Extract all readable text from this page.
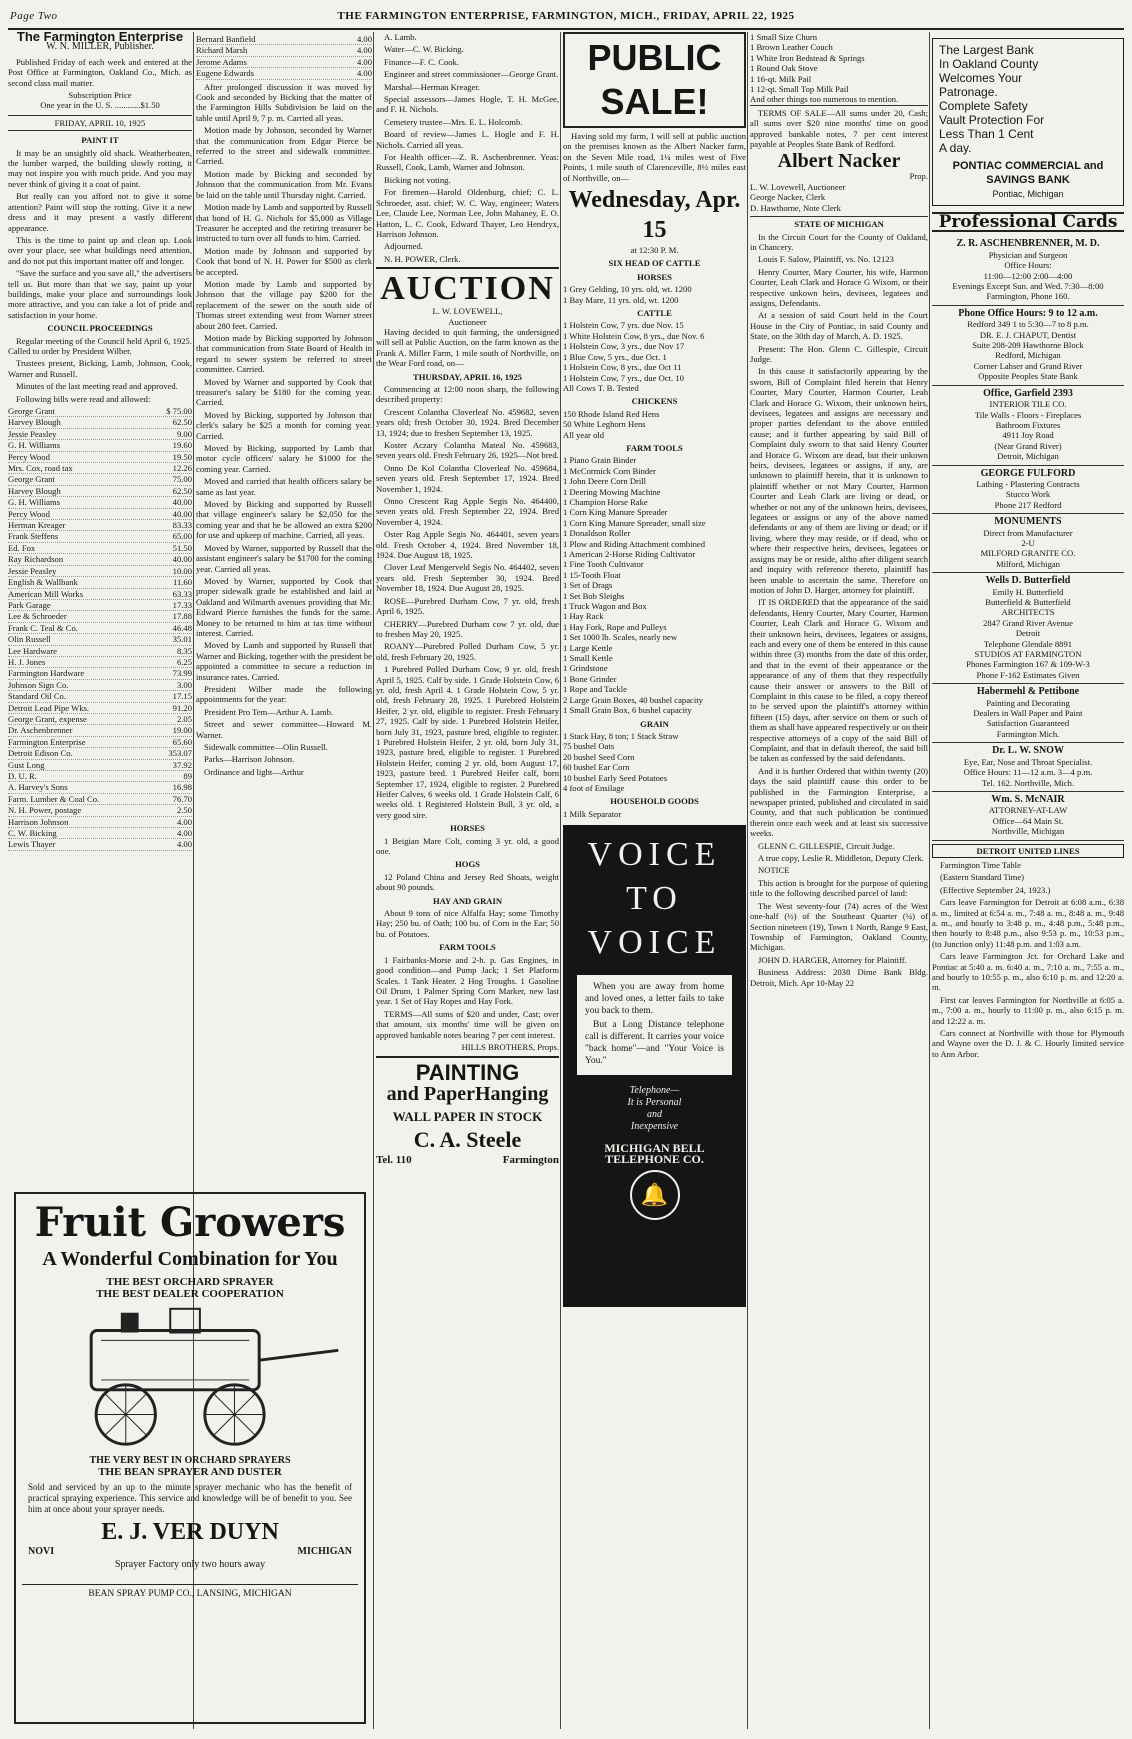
Page Two	THE FARMINGTON ENTERPRISE, FARMINGTON, MICH., FRIDAY, APRIL 22, 1925
The Farmington Enterprise
W. N. MILLER, Publisher.

Published Friday of each week and entered at the Post Office at Farmington, Oakland Co., Mich. as second class mail matter.

Subscription Price
One year in the U. S. ............$1.50
FRIDAY, APRIL 10, 1925
PAINT IT

It may be an unsightly old shack. Weatherbeaten, the lumber warped, the building slowly rotting, it may not inspire you with much pride. And you may never think of giving it a coat of paint.

But really can you afford not to give it some attention? Paint will stop the rotting. Give it a new dress and it may present a vastly different appearance.

This is the time to paint up and clean up. Look over your place, see what buildings need attention, and do not put this important matter off and longer.

"Save the surface and you save all," the advertisers tell us. But more than that we say, paint up your buildings, make your place and surroundings look more attractive, and you can take a lot of pride and satisfaction in your home.

COUNCIL PROCEEDINGS

Regular meeting of the Council held April 6, 1925. Called to order by President Wilber.

Trustees present, Bicking, Lamb, Johnson, Cook, Warner and Russell.

Minutes of the last meeting read and approved.

Following bills were read and allowed:

George Grant	$ 75.00
Harvey Blough	62.50
Jessie Peasley	9.00
G. H. Williams	19.60
Percy Wood	19.50
Mrs. Cox, road tax	12.26
George Grant	75.00
Harvey Blough	62.50
G. H. Williams	40.00
Percy Wood	40.00
Herman Kreager	83.33
Frank Steffens	65.00
Ed. Fox	51.50
Ray Richardson	40.00
Jessie Peasley	10.00
English & Wallbank	11.60
American Mill Works	63.33
Park Garage	17.33
Lee & Schroeder	17.88
Frank C. Teal & Co.	46.48
Olin Russell	35.01
Lee Hardware	8.35
H. J. Jones	6.25
Farmington Hardware	73.99
Johnson Sign Co.	3.00
Standard Oil Co.	17.15
Detroit Lead Pipe Wks.	91.20
George Grant, expense	2.05
Dr. Aschenbrenner	19.00
Farmington Enterprise	65.60
Detroit Edison Co.	353.07
Gust Long	37.92
D. U. R.	89
A. Harvey's Sons	16.98
Farm. Lumber & Coal Co.	76.70
N. H. Power, postage	2.50
Harrison Johnson	4.00
C. W. Bicking	4.00
Lewis Thayer	4.00
Bernard Banfield	4.00
Richard Marsh	4.00
Jerome Adams	4.00
Eugene Edwards	4.00

After prolonged discussion it was moved by Cook and seconded by Bicking that the matter of the Farmington Hills Subdivision be laid on the table until April 9, 7 p. m. Carried all yeas.

Motion made by Johnson, seconded by Warner that the communication from Edgar Pierce be referred to the street and sidewalk committee. Carried.

Motion made by Bicking and seconded by Johnson that the communication from Mr. Evans be laid on the table until Thursday night. Carried.

Motion made by Lamb and supported by Russell that bond of H. G. Nichols for $5,000 as Village Treasurer be accepted and the retiring treasurer be instructed to turn over all funds to him. Carried.

Motion made by Johnson and supported by Cook that bond of N. H. Power for $500 as clerk be accepted.

Motion made by Lamb and supported by Johnson that the village pay $200 for the replacement of the sewer on the south side of Thomas street extending west from Warner street about 280 feet. Carried.

Motion made by Bicking supported by Johnson that communication from State Board of Health in regard to sewer system be referred to street committee. Carried.

Moved by Warner and supported by Cook that treasurer's salary be $180 for the coming year. Carried.

Moved by Bicking, supported by Johnson that clerk's salary be $25 a month for coming year. Carried.

Moved by Bicking, supported by Lamb that motor cycle officers' salary be $1000 for the coming year. Carried.

Moved and carried that health officers salary be same as last year.

Moved by Bicking and supported by Russell that village engineer's salary be $2,050 for the coming year and that he be allowed an extra $200 for use and upkeep of machine. Carried, all yeas.

Moved by Warner, supported by Russell that the assistant engineer's salary be $1700 for the coming year. Carried all yeas.

Moved by Warner, supported by Cook that proper sidewalk grade be established and laid at Oakland and Wilmarth avenues providing that Mr. Edward Pierce furnishes the funds for the same. Money to be returned to him at tax time without interest. Carried.

Moved by Lamb and supported by Russell that Warner and Bicking, together with the president be appointed a committee to secure a reduction in insurance rates. Carried.

President Wilber made the following appointments for the year:

President Pro Tem—Arthur A. Lamb.

Street and sewer committee—Howard M. Warner.

Sidewalk committee—Olin Russell.

Parks—Harrison Johnson.

Ordinance and light—Arthur

Fruit Growers
A Wonderful Combination for You
THE BEST ORCHARD SPRAYER
THE BEST DEALER COOPERATION
THE VERY BEST IN ORCHARD SPRAYERS
THE BEAN SPRAYER AND DUSTER
Sold and serviced by an up to the minute sprayer mechanic who has the benefit of practical spraying experience. This service and knowledge will be of benefit to you. See him at once about your sprayer needs.
E. J. VER DUYN
NOVI	MICHIGAN
Sprayer Factory only two hours away
BEAN SPRAY PUMP CO., LANSING, MICHIGAN

A. Lamb.

Water—C. W. Bicking.

Finance—F. C. Cook.

Engineer and street commissioner—George Grant.

Marshal—Herman Kreager.

Special assessors—James Hogle, T. H. McGee, and F. H. Nichols.

Cemetery trustee—Mrs. E. L. Holcomb.

Board of review—James L. Hogle and F. H. Nichols. Carried all yeas.

For Health officer—Z. R. Aschenbrenner. Yeas: Russell, Cook, Lamb, Warner and Johnson.

Bicking not voting.

For firemen—Harold Oldenburg, chief; C. L. Schroeder, asst. chief; W. C. Way, engineer; Waters Lee, Claude Lee, Norman Lee, John Mahaney, E. O. Hatton, L. C. Cook, Edward Thayer, Leo Hendryx, Harrison Johnson.

Adjourned.

N. H. POWER, Clerk.

AUCTION
L. W. LOVEWELL,
Auctioneer

Having decided to quit farming, the undersigned will sell at Public Auction, on the farm known as the Frank A. Miller Farm, 1 mile south of Northville, on the Wear Ford road, on—

THURSDAY, APRIL 16, 1925

Commencing at 12:00 noon sharp, the following described property:

Crescent Colantha Cloverleaf No. 459682, seven years old; fresh October 30, 1924. Bred December 13, 1924; due to freshen September 13, 1925.

Koster Aczary Colantha Mateal No. 459683, seven years old. Fresh February 26, 1925—Not bred.

Onno De Kol Colantha Cloverleaf No. 459684, seven years old. Fresh September 17, 1924. Bred November 1, 1924.

Onno Crescent Rag Apple Segis No. 464400, seven years old. Fresh September 22, 1924. Bred November 4, 1924.

Oster Rag Apple Segis No. 464401, seven years old. Fresh October 4, 1924. Bred November 18, 1924. Due August 18, 1925.

Clover Leaf Mengerveld Segis No. 464402, seven years old. Fresh September 30, 1924. Bred November 18, 1924. Due August 28, 1925.

ROSE—Purebred Durham Cow, 7 yr. old, fresh April 6, 1925.

CHERRY—Purebred Durham cow 7 yr. old, due to freshen May 20, 1925.

ROANY—Purebred Polled Durham Cow, 5 yr. old, fresh February 20, 1925.

1 Purebred Polled Durham Cow, 9 yr. old, fresh April 5, 1925. Calf by side. 1 Grade Holstein Cow, 6 yr. old, fresh April 4. 1 Grade Holstein Cow, 5 yr. old, fresh February 28, 1925. 1 Purebred Holstein Heifer, 2 yr. old, eligible to register. Fresh February 27, 1925. Calf by side. 1 Purebred Holstein Heifer, born July 31, 1923, pasture bred, eligible to register. 1 Purebred Holstein Heifer, 2 yr. old, born July 31, 1923, pasture bred, eligible to register. 1 Purebred Holstein Heifer, coming 2 yr. old, born August 17, 1923, pasture bred. 1 Purebred Heifer calf, born September 17, 1924, eligible to register. 2 Purebred Heifer Calves, 6 weeks old. 1 Grade Holstein Calf, 6 weeks old. 1 Registered Holstein Bull, 3 yr. old, a very good sire.

HORSES

1 Beigian Mare Colt, coming 3 yr. old, a good one.

HOGS

12 Poland China and Jersey Red Shoats, weight about 90 pounds.

HAY AND GRAIN

About 9 tons of nice Alfalfa Hay; some Timothy Hay; 250 bu. of Oath; 100 bu. of Corn in the Ear; 50 bu. of Potatoes.

FARM TOOLS

1 Fairbanks-Morse and 2-h. p. Gas Engines, in good condition—and Pump Jack; 1 Set Platform Scales. 1 Tank Heater. 2 Hog Troughs. 1 Gasoline Oil Drum, 1 Palmer Spring Corn Marker, new last year. 1 Set of Hay Ropes and Hay Fork.

TERMS—All sums of $20 and under, Cast; over that amount, six months' time will be given on approved bankable notes bearing 7 per cent interest.

HILLS BROTHERS, Props.
PAINTING
and PaperHanging
WALL PAPER IN STOCK
C. A. Steele
Tel. 110	Farmington
PUBLIC SALE!

Having sold my farm, I will sell at public auction on the premises known as the Albert Nacker farm, on the Seven Mile road, 1¼ miles west of Five Points, 1 mile south of Clarenceville, 8½ miles east of Northville, on—

Wednesday, Apr. 15
at 12:30 P. M.
SIX HEAD OF CATTLE
HORSES
1 Grey Gelding, 10 yrs. old, wt. 1200
1 Bay Mare, 11 yrs. old, wt. 1200
CATTLE
1 Holstein Cow, 7 yrs. due Nov. 15
1 White Holstein Cow, 8 yrs., due Nov. 6
1 Holstein Cow, 3 yrs., due Nov 17
1 Blue Cow, 5 yrs., due Oct. 1
1 Holstein Cow, 8 yrs., due Oct 11
1 Holstein Cow, 7 yrs., due Oct. 10
All Cows T. B. Tested
CHICKENS
150 Rhode Island Red Hens
50 White Leghorn Hens
All year old
FARM TOOLS
1 Piano Grain Binder
1 McCormick Corn Binder
1 John Deere Corn Drill
1 Deering Mowing Machine
1 Champion Horse Rake
1 Corn King Manure Spreader
1 Corn King Manure Spreader, small size
1 Donaldson Roller
1 Plow and Riding Attachment combined
1 American 2-Horse Riding Cultivator
1 Fine Tooth Cultivator
1 15-Tooth Float
1 Set of Drags
1 Set Bob Sleighs
1 Truck Wagon and Box
1 Hay Rack
1 Hay Fork, Rope and Pulleys
1 Set 1000 lb. Scales, nearly new
1 Large Kettle
1 Small Kettle
1 Grindstone
1 Bone Grinder
1 Rope and Tackle
2 Large Grain Boxes, 40 bushel capacity
1 Small Grain Box, 6 bushel capacity
GRAIN
1 Stack Hay, 8 ton; 1 Stack Straw
75 bushel Oats
20 bushel Seed Corn
60 bushel Ear Corn
10 bushel Early Seed Potatoes
4 foot of Ensilage
HOUSEHOLD GOODS
1 Milk Separator
VOICE
TO
VOICE

When you are away from home and loved ones, a letter fails to take you back to them.

But a Long Distance telephone call is different. It carries your voice "back home"—and "Your Voice is You."

Telephone—
It is Personal
and
Inexpensive
MICHIGAN BELL TELEPHONE CO.
🔔
1 Small Size Churn
1 Brown Leather Couch
1 White Iron Bedstead & Springs
1 Round Oak Stove
1 16-qt. Milk Pail
1 12-qt. Small Top Milk Pail
And other things too numerous to mention.

TERMS OF SALE—All sums under 20, Cash; all sums over $20 nine months' time on good approved bankable notes, 7 per cent interest payable at Peoples State Bank of Redford.

Albert Nacker
Prop.
L. W. Lovewell, Auctioneer
George Nacker, Clerk
D. Hawthorne, Note Clerk
STATE OF MICHIGAN

In the Circuit Court for the County of Oakland, in Chancery.

Louis F. Salow, Plaintiff, vs. No. 12123

Henry Courter, Mary Courter, his wife, Harmon Courter, Leah Clark and Horace G Wixom, or their respective unkown heirs, devisees, legatees and assigns, Defendants.

At a session of said Court held in the Court House in the City of Pontiac, in said County and State, on the 30th day of March, A. D. 1925.

Present: The Hon. Glenn C. Gillespie, Circuit Judge.

In this cause it satisfactorily appearing by the sworn, Bill of Complaint filed herein that Henry Courter, Mary Courter, Harmon Courter, Leah Clark and Horace G. Wixom, their unknown heirs, devisees, legatees and assigns are necessary and proper parties defendant to the above entitled cause; and it further appearing by said Bill of Complaint duly sworn to that said Henry Courter and Horace G. Wixom are dead, but their unkown heirs, devisees, legatees or assigns, if any, are unknown to plaintiff herein, that it is unknown to plaintiff whether or not Mary Courter, Harmon Courter and Leah Clark are living or dead, or whether or not any of the unknown heirs, devisees, legatees or assigns or any of the above named defendants or any of them are living or dead; or if living, where they may reside, or if dead, who or where their respective heirs, devisees, legatees or assigns may be or reside, altho after diligent search and inquiry with reference thereto, plaintiff has been unable to ascertain the same. Therefore on motion of John D. Harger, attorney for plaintiff.

IT IS ORDERED that the appearance of the said defendants, Henry Courter, Mary Courter, Harmon Courter, Leah Clark and Horace G. Wixom and their unknown heirs, devisees, legatees or assigns, each and every one of them be entered in this cause within three (3) months from the date of this order, and that in the event of their appearance or the appearance of any of them that they respectfully cause their answer or answers to the Bill of Complaint in this cause to be filed, a copy thereof to be served upon the plaintiff's attorney within fifteen (15) days, after service on them or such of them as shall have appeared respectively or on their respective attorneys of a copy of the said Bill of Complaint, and that in default thereof, the said bill be taken as confessed by the said defendants.

And it is further Ordered that within twenty (20) days the said plaintiff cause this order to be published in the Farmington Enterprise, a newspaper printed, published and circulated in said County, and that such publication be continued therein once each week and at least six successive weeks.

GLENN C. GILLESPIE, Circuit Judge.

A true copy, Leslie R. Middleton, Deputy Clerk.

NOTICE

This action is brought for the purpose of quieting title to the following described parcel of land:

The West seventy-four (74) acres of the West one-half (½) of the Southeast Quarter (¼) of Section nineteen (19), Town 1 North, Range 9 East, Township of Farmington, Oakland County, Michigan.

JOHN D. HARGER, Attorney for Plaintiff.

Business Address: 2038 Dime Bank Bldg. Detroit, Mich. Apr 10-May 22

The Largest Bank
In Oakland County
Welcomes Your
Patronage.
Complete Safety
Vault Protection For
Less Than 1 Cent
A day.
PONTIAC COMMERCIAL and SAVINGS BANK
Pontiac, Michigan
Professional Cards
Z. R. ASCHENBRENNER, M. D.
Physician and Surgeon
Office Hours:
11:00—12:00 2:00—4:00
Evenings Except Sun. and Wed. 7:30—8:00
Farmington, Phone 160.
Phone Office Hours: 9 to 12 a.m.
Redford 349 1 to 5:30—7 to 8 p.m.
DR. E. J. CHAPUT, Dentist
Suite 208-209 Hawthorne Block
Redford, Michigan
Corner Lahser and Grand River
Opposite Peoples State Bank
Office, Garfield 2393
INTERIOR TILE CO.
Tile Walls - Floors - Fireplaces
Bathroom Fixtures
4911 Joy Road
(Near Grand River)
Detroit, Michigan
GEORGE FULFORD
Lathing - Plastering Contracts
Stucco Work
Phone 217 Redford
MONUMENTS
Direct from Manufacturer
2-U
MILFORD GRANITE CO.
Milford, Michigan
Wells D. Butterfield
Emily H. Butterfield
Butterfield & Butterfield
ARCHITECTS
2847 Grand River Avenue
Detroit
Telephone Glendale 8891
STUDIOS AT FARMINGTON
Phones Farmington 167 & 109-W-3
Phone F-162 Estimates Given
Habermehl & Pettibone
Painting and Decorating
Dealers in Wall Paper and Paint
Satisfaction Guaranteed
Farmington Mich.
Dr. L. W. SNOW
Eye, Ear, Nose and Throat Specialist.
Office Hours: 11—12 a.m. 3—4 p.m.
Tel. 162. Northville, Mich.
Wm. S. McNAIR
ATTORNEY-AT-LAW
Office—64 Main St.
Northville, Michigan
DETROIT UNITED LINES

Farmington Time Table

(Eastern Standard Time)

(Effective September 24, 1923.)

Cars leave Farmington for Detroit at 6:08 a.m., 6:38 a. m., limited at 6:54 a. m., 7:48 a. m., 8:48 a. m., 9:48 a. m., and hourly to 3:48 p. m., 4:48 p.m., 5:48 p.m., then hourly to 8:48 p.m., also 9:53 p. m., 10:53 p.m., (to Junction only) 11:48 p.m. and 1:03 a.m.

Cars leave Farmington Jct. for Orchard Lake and Pontiac at 5:40 a. m. 6:40 a. m., 7:10 a. m., 7:55 a. m., and hourly to 10:55 p. m., also 6:10 p. m. and 12:20 a. m.

First car leaves Farmington for Northville at 6:05 a. m., 7:00 a. m., hourly to 11:00 p. m., also 6:15 p. m. and 12:22 a. m.

Cars connect at Northville with those for Plymouth and Wayne over the D. J. & C. Hourly limited service to Ann Arbor.
